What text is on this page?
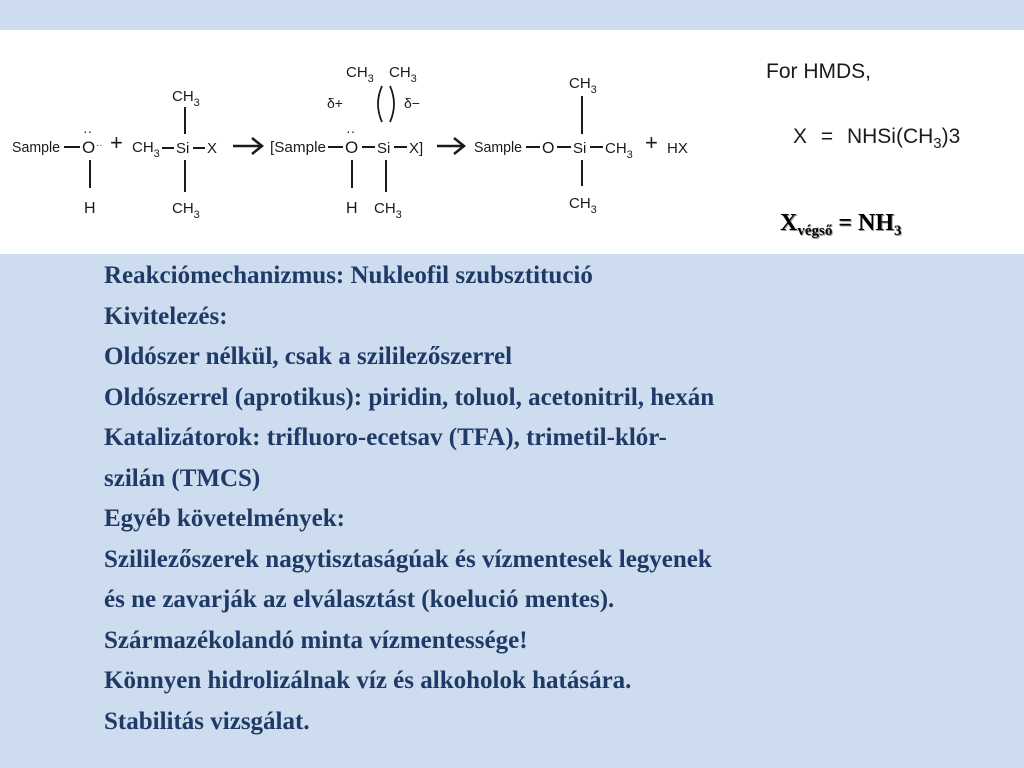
Sample O
··
··
H
+
$CH_3$
$CH_3$ Si X
$CH_3$
[Sample O
··
δ+
H
$CH_3$ $CH_3$
δ−
Si X]
$CH_3$
Sample O
$CH_3$
Si $CH_3$
$CH_3$
+ HX
For HMDS,
$X = NHSi(CH_3)3$
$X_{végső} = NH_3$
Reakciómechanizmus: Nukleofil szubsztitució
Kivitelezés:
Oldószer nélkül, csak a szililezőszerrel
Oldószerrel (aprotikus): piridin, toluol, acetonitril, hexán
Katalizátorok: trifluoro-ecetsav (TFA), trimetil-klór-
szilán (TMCS)
Egyéb követelmények:
Szililezőszerek nagytisztaságúak és vízmentesek legyenek
és ne zavarják az elválasztást (koelució mentes).
Származékolandó minta vízmentessége!
Könnyen hidrolizálnak víz és alkoholok hatására.
Stabilitás vizsgálat.
